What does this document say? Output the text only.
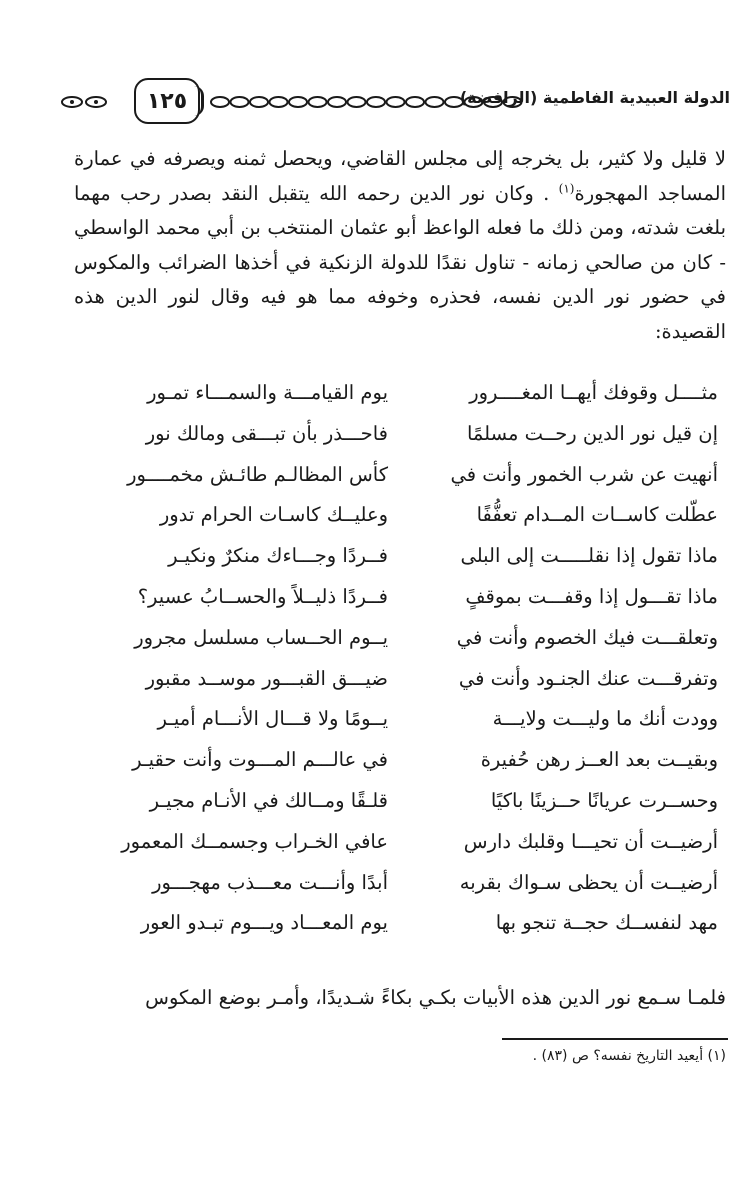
١٢٥	الدولة العبيدية الفاطمية (الرافضة)

لا قليل ولا كثير، بل يخرجه إلى مجلس القاضي، ويحصل ثمنه ويصرفه في عمارة المساجد المهجورة$^{(١)}$ . وكان نور الدين رحمه الله يتقبل النقد بصدر رحب مهما بلغت شدته، ومن ذلك ما فعله الواعظ أبو عثمان المنتخب بن أبي محمد الواسطي - كان من صالحي زمانه - تناول نقدًا للدولة الزنكية في أخذها الضرائب والمكوس في حضور نور الدين نفسه، فحذره وخوفه مما هو فيه وقال لنور الدين هذه القصيدة:

مثــــل وقوفك أيهــا المغــــرور
يوم القيامـــة والسمـــاء تمـور
إن قيل نور الدين رحــت مسلمًا
فاحـــذر بأن تبـــقى ومالك نور
أنهيت عن شرب الخمور وأنت في
كأس المظالـم طائـش مخمــــور
عطّلت كاســات المــدام تعفُّفًا
وعليــك كاسـات الحرام تدور
ماذا تقول إذا نقلـــــت إلى البلى
فــردًا وجـــاءك منكرٌ ونكيـر
ماذا تقـــول إذا وقفـــت بموقفٍ
فــردًا ذليــلاً والحســابُ عسير؟
وتعلقـــت فيك الخصوم وأنت في
يــوم الحــساب مسلسل مجرور
وتفرقـــت عنك الجنـود وأنت في
ضيـــق القبـــور موســد مقبور
وودت أنك ما وليـــت ولايـــة
يــومًا ولا قـــال الأنـــام أميـر
وبقيــت بعد العــز رهن حُفيرة
في عالـــم المـــوت وأنت حقيـر
وحســرت عريانًا حــزينًا باكيًا
قلـقًا ومــالك في الأنـام مجيـر
أرضيــت أن تحيـــا وقلبك دارس
عافي الخـراب وجسمــك المعمور
أرضيــت أن يحظى سـواك بقربه
أبدًا وأنـــت معـــذب مهجـــور
مهد لنفســك حجــة تنجو بها
يوم المعـــاد ويـــوم تبـدو العور
فلمـا سـمع نور الدين هذه الأبيات بكـي بكاءً شـديدًا، وأمـر بوضع المكوس
(١) أيعيد التاريخ نفسه؟ ص (٨٣) .
